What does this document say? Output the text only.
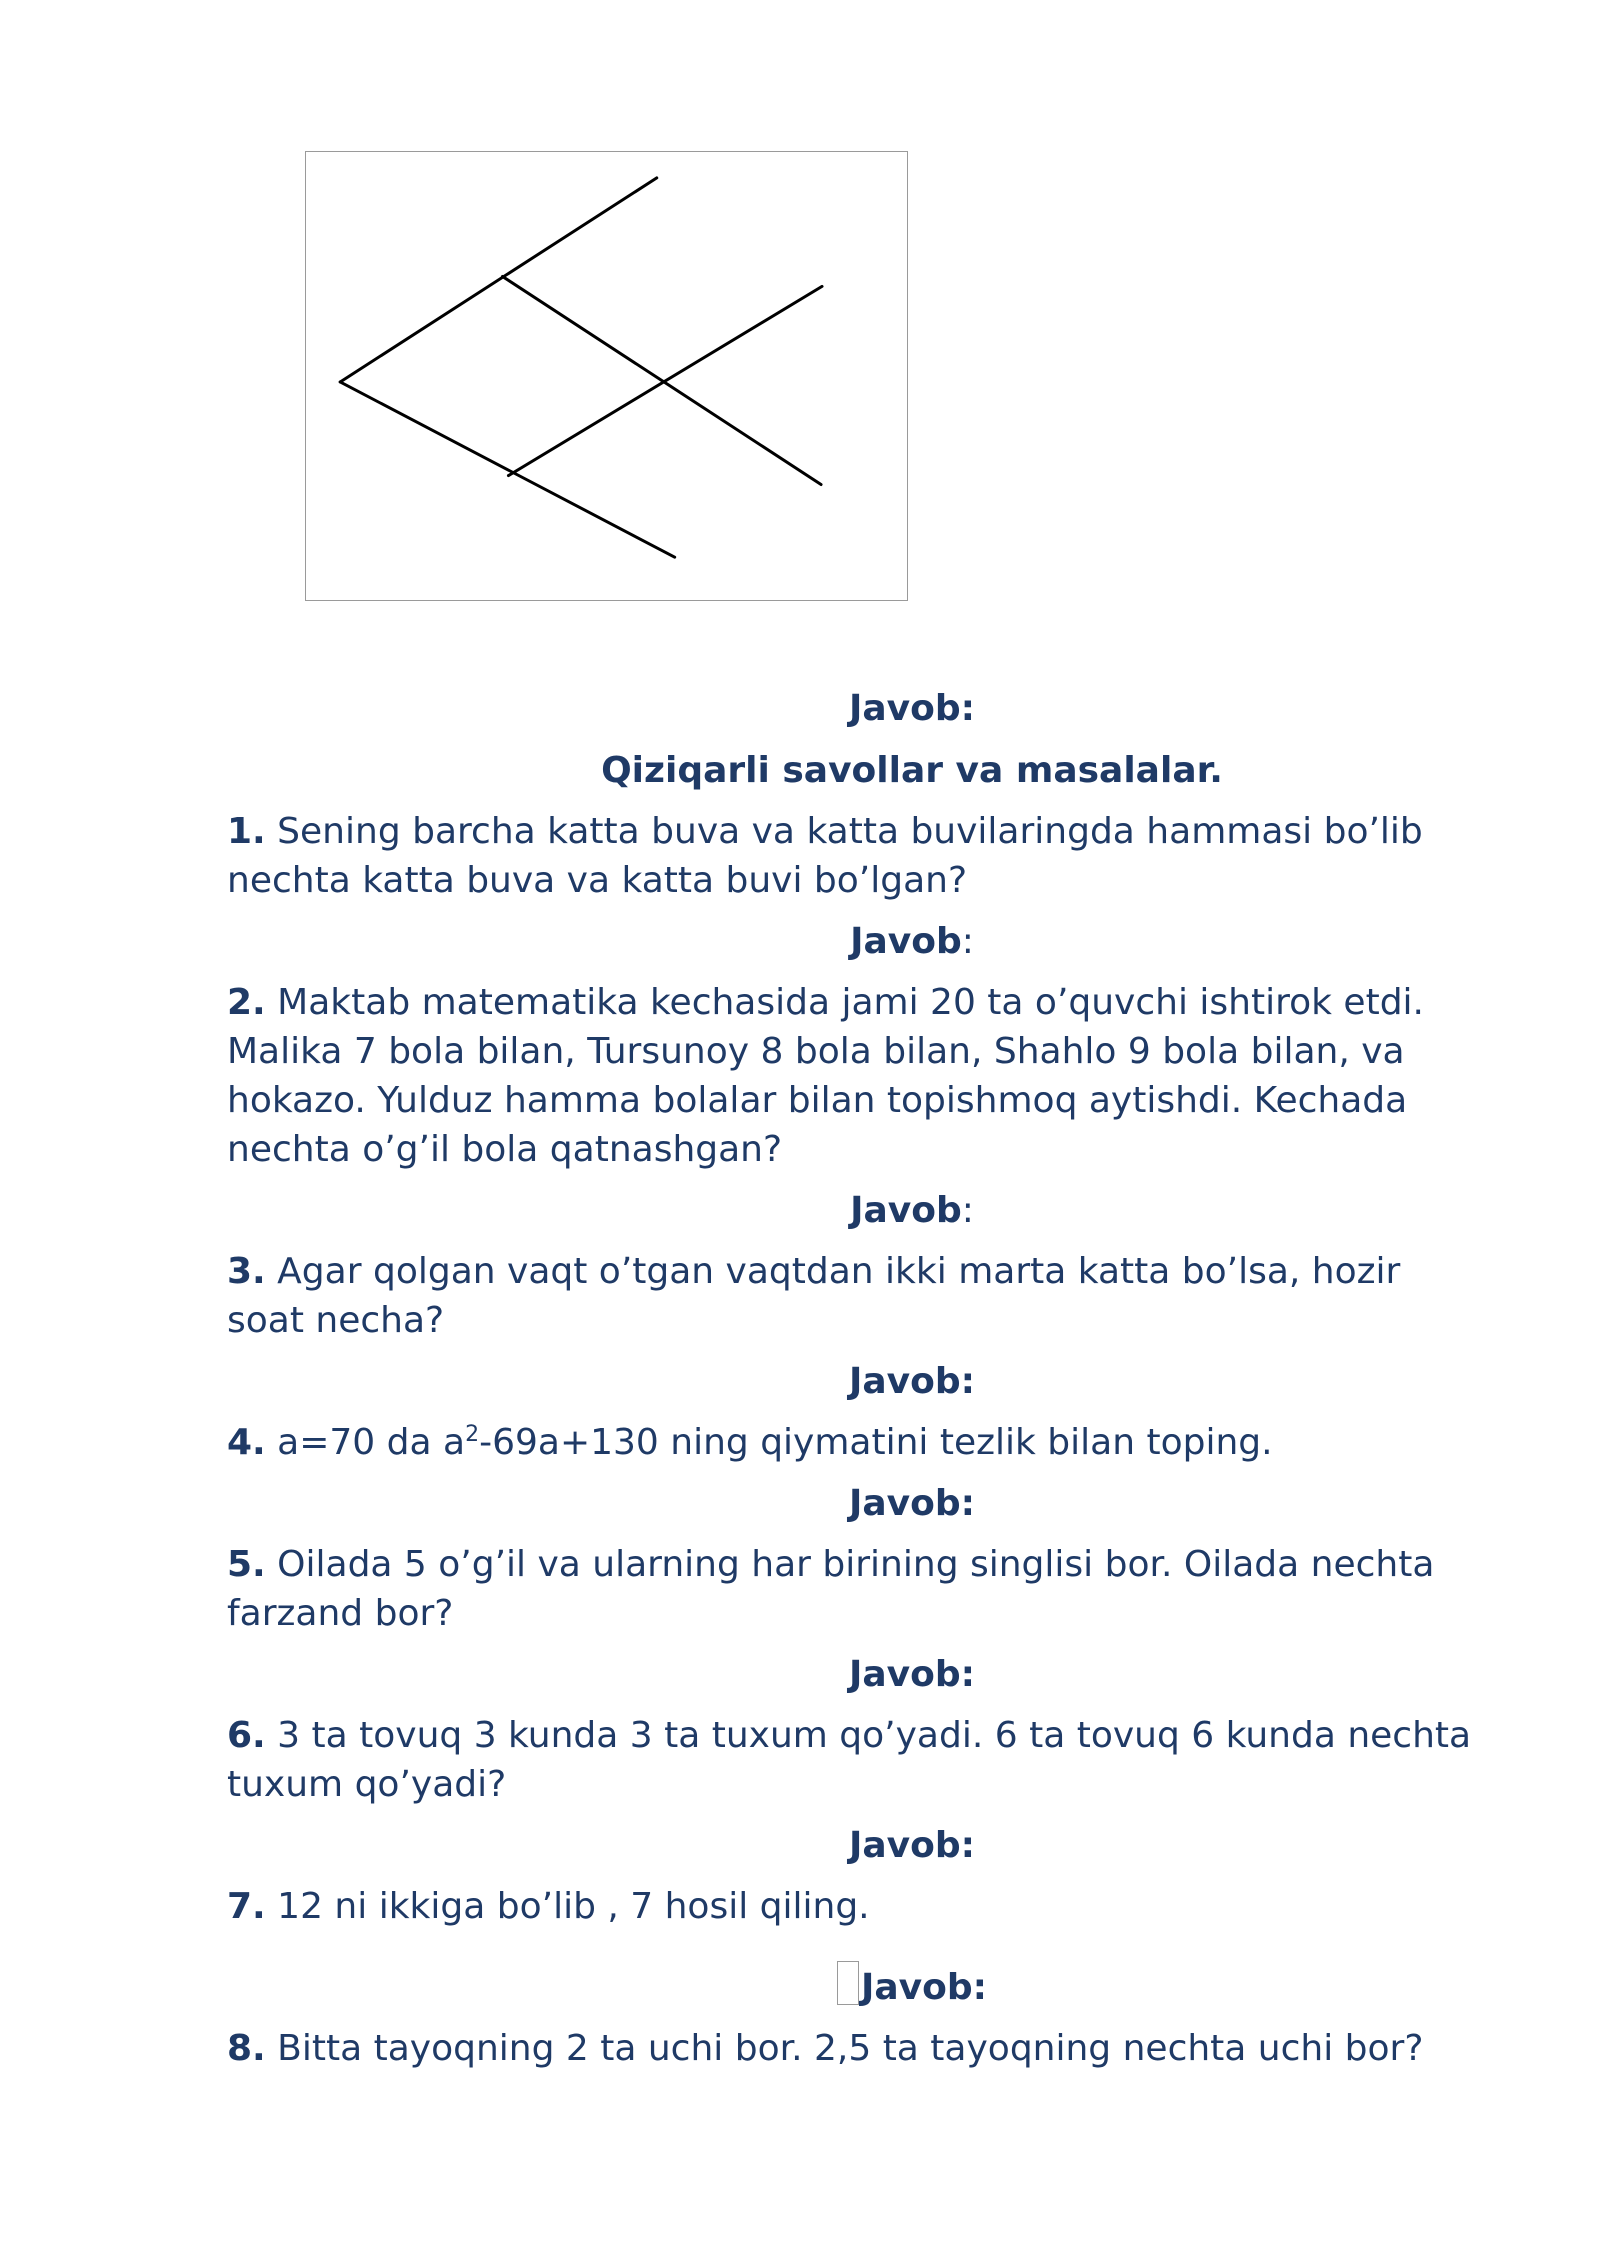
Javob:

Qiziqarli savollar va masalalar.

1. Sening barcha katta buva va katta buvilaringda hammasi bo’lib nechta katta buva va katta buvi bo’lgan?

Javob:

2. Maktab matematika kechasida jami 20 ta o’quvchi ishtirok etdi. Malika 7 bola bilan, Tursunoy 8 bola bilan, Shahlo 9 bola bilan, va hokazo. Yulduz hamma bolalar bilan topishmoq aytishdi. Kechada nechta o’g’il bola qatnashgan?

Javob:

3. Agar qolgan vaqt o’tgan vaqtdan ikki marta katta bo’lsa, hozir soat necha?

Javob:

4. a=70 da $a^2-69a+130$ ning qiymatini tezlik bilan toping.

Javob:

5. Oilada 5 o’g’il va ularning har birining singlisi bor. Oilada nechta farzand bor?

Javob:

6. 3 ta tovuq 3 kunda 3 ta tuxum qo’yadi. 6 ta tovuq 6 kunda nechta tuxum qo’yadi?

Javob:

7. 12 ni ikkiga bo’lib , 7 hosil qiling.

Javob:

8. Bitta tayoqning 2 ta uchi bor. 2,5 ta tayoqning nechta uchi bor?
